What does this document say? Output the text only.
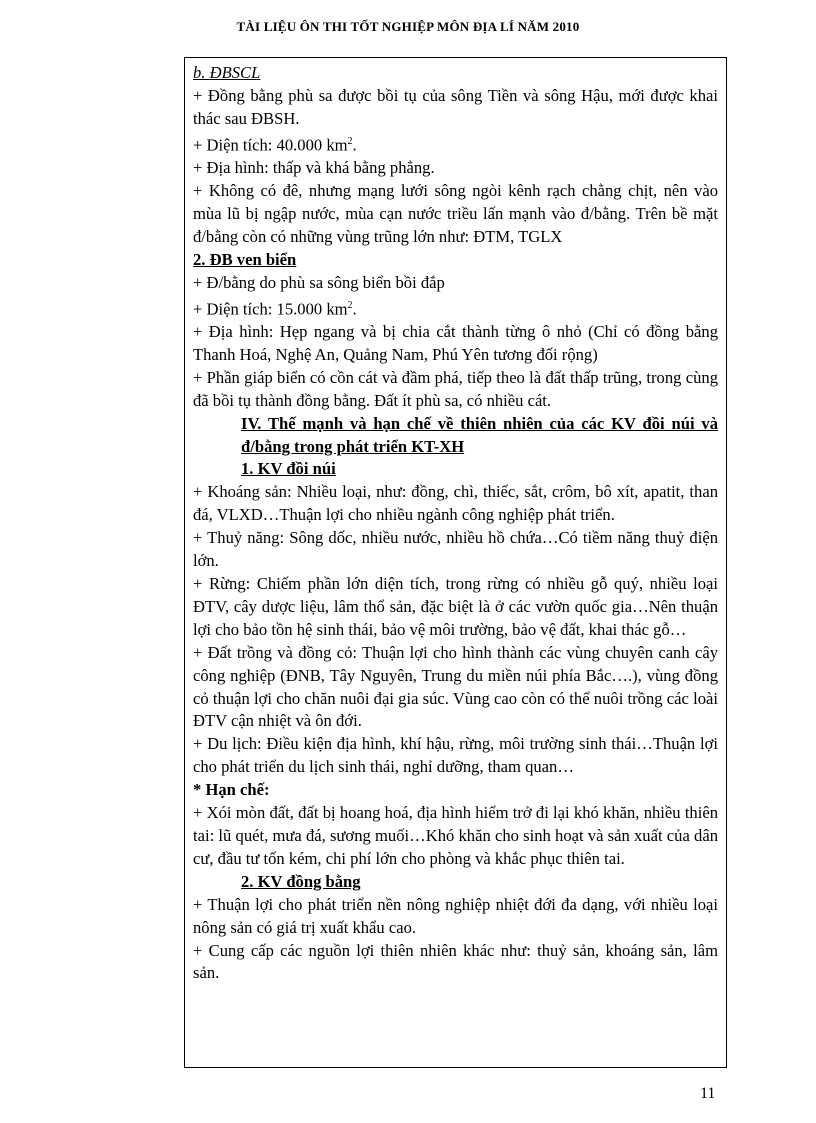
TÀI LIỆU ÔN THI TỐT NGHIỆP MÔN ĐỊA LÍ NĂM 2010

b. ĐBSCL

+ Đồng bằng phù sa được bồi tụ của sông Tiền và sông Hậu, mới được khai thác sau ĐBSH.

+ Diện tích: 40.000 $km^2$.

+ Địa hình: thấp và khá bằng phẳng.

+ Không có đê, nhưng mạng lưới sông ngòi kênh rạch chằng chịt, nên vào mùa lũ bị ngập nước, mùa cạn nước triều lấn mạnh vào đ/bằng. Trên bề mặt đ/bằng còn có những vùng trũng lớn như: ĐTM, TGLX

2. ĐB ven biển

+ Đ/bằng do phù sa sông biển bồi đắp

+ Diện tích: 15.000 $km^2$.

+ Địa hình: Hẹp ngang và bị chia cắt thành từng ô nhỏ (Chỉ có đồng bằng Thanh Hoá, Nghệ An, Quảng Nam, Phú Yên tương đối rộng)

+ Phần giáp biển có cồn cát và đầm phá, tiếp theo là đất thấp trũng, trong cùng đã bồi tụ thành đồng bằng. Đất ít phù sa, có nhiều cát.

IV. Thế mạnh và hạn chế về thiên nhiên của các KV đồi núi và đ/bằng trong phát triển KT-XH

1. KV đồi núi

+ Khoáng sản: Nhiều loại, như: đồng, chì, thiếc, sắt, crôm, bô xít, apatit, than đá, VLXD…Thuận lợi cho nhiều ngành công nghiệp phát triển.

+ Thuỷ năng: Sông dốc, nhiều nước, nhiều hồ chứa…Có tiềm năng thuỷ điện lớn.

+ Rừng: Chiếm phần lớn diện tích, trong rừng có nhiều gỗ quý, nhiều loại ĐTV, cây dược liệu, lâm thổ sản, đặc biệt là ở các vườn quốc gia…Nên thuận lợi cho bảo tồn hệ sinh thái, bảo vệ môi trường, bảo vệ đất, khai thác gỗ…

+ Đất trồng và đồng cỏ: Thuận lợi cho hình thành các vùng chuyên canh cây công nghiệp (ĐNB, Tây Nguyên, Trung du miền núi phía Bắc….), vùng đồng cỏ thuận lợi cho chăn nuôi đại gia súc. Vùng cao còn có thể nuôi trồng các loài ĐTV cận nhiệt và ôn đới.

+ Du lịch: Điều kiện địa hình, khí hậu, rừng, môi trường sinh thái…Thuận lợi cho phát triển du lịch sinh thái, nghỉ dưỡng, tham quan…

* Hạn chế:

+ Xói mòn đất, đất bị hoang hoá, địa hình hiểm trở đi lại khó khăn, nhiều thiên tai: lũ quét, mưa đá, sương muối…Khó khăn cho sinh hoạt và sản xuất của dân cư, đầu tư tốn kém, chi phí lớn cho phòng và khắc phục thiên tai.

2. KV đồng bằng

+ Thuận lợi cho phát triển nền nông nghiệp nhiệt đới đa dạng, với nhiều loại nông sản có giá trị xuất khẩu cao.

+ Cung cấp các nguồn lợi thiên nhiên khác như: thuỷ sản, khoáng sản, lâm sản.

11
